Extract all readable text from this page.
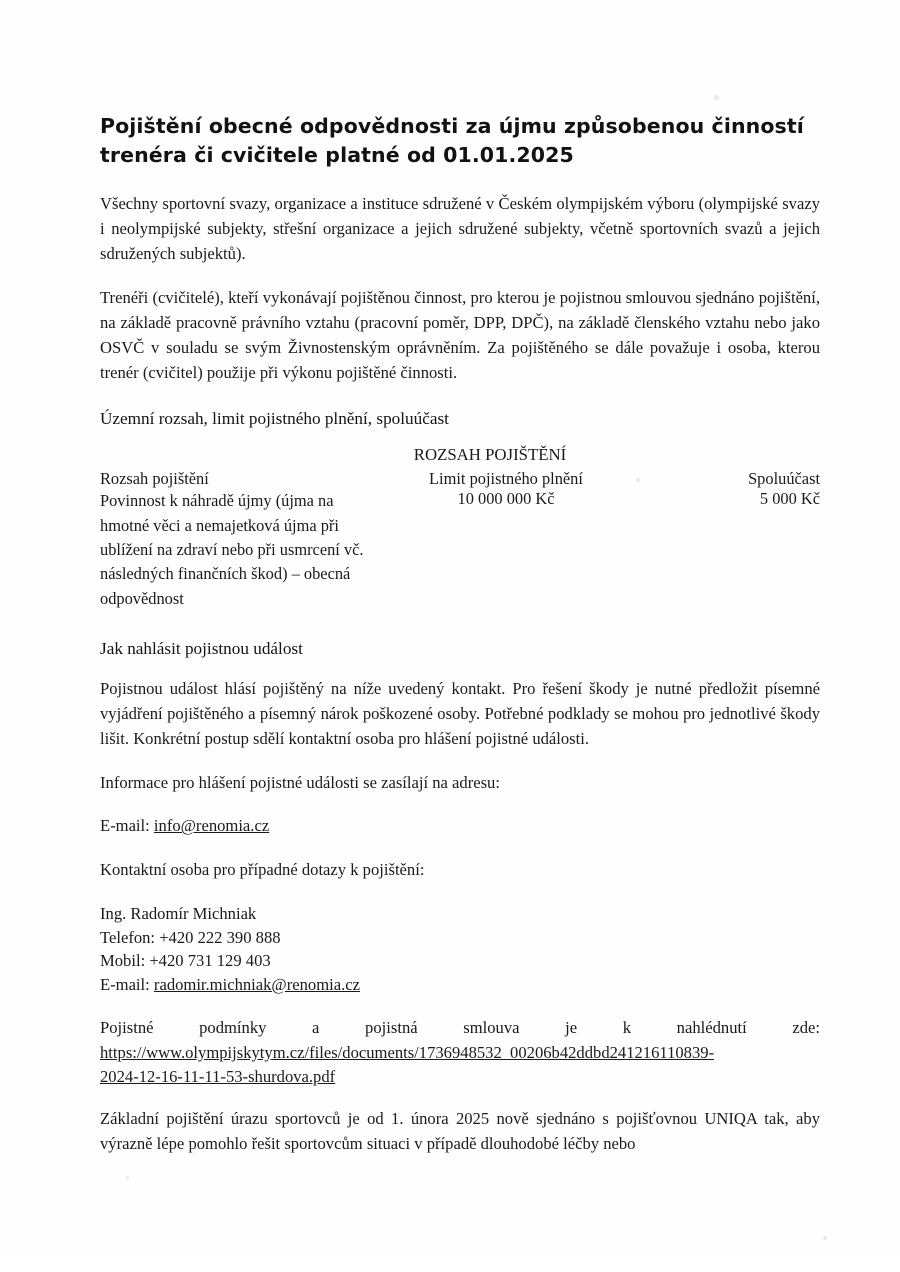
Pojištění obecné odpovědnosti za újmu způsobenou činností
trenéra či cvičitele platné od 01.01.2025

Všechny sportovní svazy, organizace a instituce sdružené v Českém olympijském výboru (olympijské svazy i neolympijské subjekty, střešní organizace a jejich sdružené subjekty, včetně sportovních svazů a jejich sdružených subjektů).

Trenéři (cvičitelé), kteří vykonávají pojištěnou činnost, pro kterou je pojistnou smlouvou sjednáno pojištění, na základě pracovně právního vztahu (pracovní poměr, DPP, DPČ), na základě členského vztahu nebo jako OSVČ v souladu se svým Živnostenským oprávněním. Za pojištěného se dále považuje i osoba, kterou trenér (cvičitel) použije při výkonu pojištěné činnosti.

Územní rozsah, limit pojistného plnění, spoluúčast
ROZSAH POJIŠTĚNÍ
Rozsah pojištění	Limit pojistného plnění	Spoluúčast
Povinnost k náhradě újmy (újma na hmotné věci a nemajetková újma při ublížení na zdraví nebo při usmrcení vč. následných finančních škod) – obecná odpovědnost	10 000 000 Kč	5 000 Kč
Jak nahlásit pojistnou událost

Pojistnou událost hlásí pojištěný na níže uvedený kontakt. Pro řešení škody je nutné předložit písemné vyjádření pojištěného a písemný nárok poškozené osoby. Potřebné podklady se mohou pro jednotlivé škody lišit. Konkrétní postup sdělí kontaktní osoba pro hlášení pojistné události.

Informace pro hlášení pojistné události se zasílají na adresu:

E-mail: info@renomia.cz

Kontaktní osoba pro případné dotazy k pojištění:

Ing. Radomír Michniak
Telefon: +420 222 390 888
Mobil: +420 731 129 403
E-mail: radomir.michniak@renomia.cz
Pojistné podmínky a pojistná smlouva je k nahlédnutí zde:
https://www.olympijskytym.cz/files/documents/1736948532_00206b42ddbd241216110839-
2024-12-16-11-11-53-shurdova.pdf

Základní pojištění úrazu sportovců je od 1. února 2025 nově sjednáno s pojišťovnou UNIQA tak, aby výrazně lépe pomohlo řešit sportovcům situaci v případě dlouhodobé léčby nebo
